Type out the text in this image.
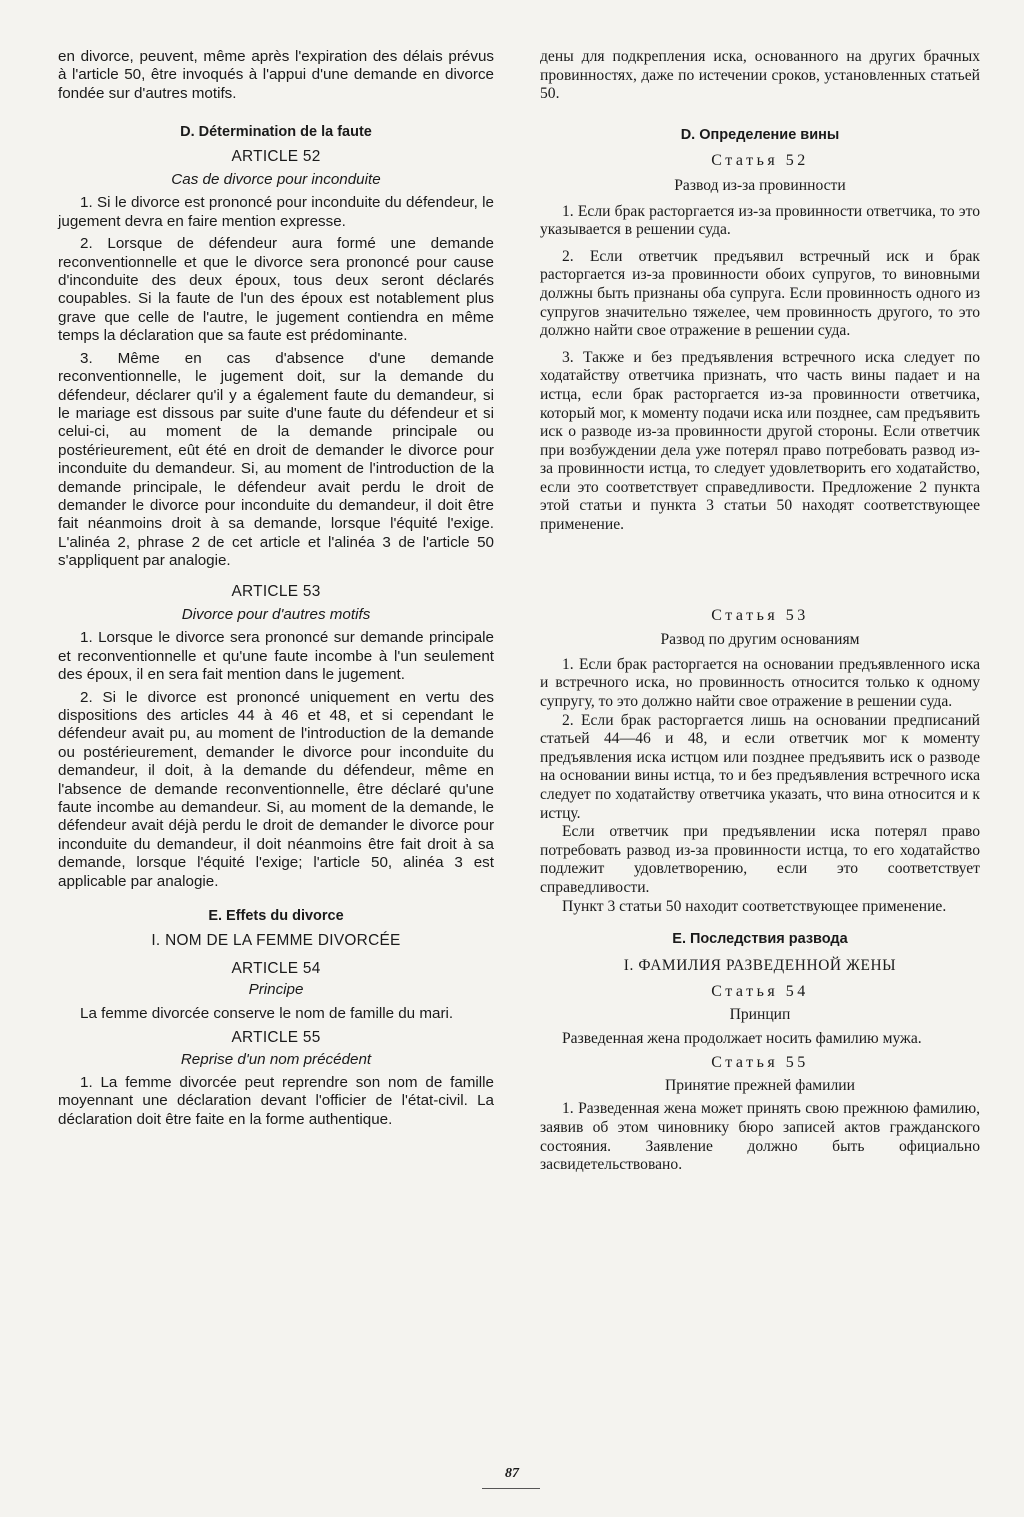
en divorce, peuvent, même après l'expiration des délais prévus à l'article 50, être invoqués à l'appui d'une demande en divorce fondée sur d'autres motifs.

D. Détermination de la faute
ARTICLE 52
Cas de divorce pour inconduite

1. Si le divorce est prononcé pour inconduite du défendeur, le jugement devra en faire mention expresse.

2. Lorsque de défendeur aura formé une demande reconventionnelle et que le divorce sera prononcé pour cause d'inconduite des deux époux, tous deux seront déclarés coupables. Si la faute de l'un des époux est notablement plus grave que celle de l'autre, le jugement contiendra en même temps la déclaration que sa faute est prédominante.

3. Même en cas d'absence d'une demande reconventionnelle, le jugement doit, sur la demande du défendeur, déclarer qu'il y a également faute du demandeur, si le mariage est dissous par suite d'une faute du défendeur et si celui-ci, au moment de la demande principale ou postérieurement, eût été en droit de demander le divorce pour inconduite du demandeur. Si, au moment de l'introduction de la demande principale, le défendeur avait perdu le droit de demander le divorce pour inconduite du demandeur, il doit être fait néanmoins droit à sa demande, lorsque l'équité l'exige. L'alinéa 2, phrase 2 de cet article et l'alinéa 3 de l'article 50 s'appliquent par analogie.

ARTICLE 53
Divorce pour d'autres motifs

1. Lorsque le divorce sera prononcé sur demande principale et reconventionnelle et qu'une faute incombe à l'un seulement des époux, il en sera fait mention dans le jugement.

2. Si le divorce est prononcé uniquement en vertu des dispositions des articles 44 à 46 et 48, et si cependant le défendeur avait pu, au moment de l'introduction de la demande ou postérieurement, demander le divorce pour inconduite du demandeur, il doit, à la demande du défendeur, même en l'absence de demande reconventionnelle, être déclaré qu'une faute incombe au demandeur. Si, au moment de la demande, le défendeur avait déjà perdu le droit de demander le divorce pour inconduite du demandeur, il doit néanmoins être fait droit à sa demande, lorsque l'équité l'exige; l'article 50, alinéa 3 est applicable par analogie.

E. Effets du divorce
I. NOM DE LA FEMME DIVORCÉE
ARTICLE 54
Principe

La femme divorcée conserve le nom de famille du mari.

ARTICLE 55
Reprise d'un nom précédent

1. La femme divorcée peut reprendre son nom de famille moyennant une déclaration devant l'officier de l'état-civil. La déclaration doit être faite en la forme authentique.

дены для подкрепления иска, основанного на других брачных провинностях, даже по истечении сроков, установленных статьей 50.

D. Определение вины
Статья 52
Развод из-за провинности

1. Если брак расторгается из-за провинности ответчика, то это указывается в решении суда.

2. Если ответчик предъявил встречный иск и брак расторгается из-за провинности обоих супругов, то виновными должны быть признаны оба супруга. Если провинность одного из супругов значительно тяжелее, чем провинность другого, то это должно найти свое отражение в решении суда.

3. Также и без предъявления встречного иска следует по ходатайству ответчика признать, что часть вины падает и на истца, если брак расторгается из-за провинности ответчика, который мог, к моменту подачи иска или позднее, сам предъявить иск о разводе из-за провинности другой стороны. Если ответчик при возбуждении дела уже потерял право потребовать развод из-за провинности истца, то следует удовлетворить его ходатайство, если это соответствует справедливости. Предложение 2 пункта этой статьи и пункта 3 статьи 50 находят соответствующее применение.

Статья 53
Развод по другим основаниям

1. Если брак расторгается на основании предъявленного иска и встречного иска, но провинность относится только к одному супругу, то это должно найти свое отражение в решении суда.

2. Если брак расторгается лишь на основании предписаний статьей 44—46 и 48, и если ответчик мог к моменту предъявления иска истцом или позднее предъявить иск о разводе на основании вины истца, то и без предъявления встречного иска следует по ходатайству ответчика указать, что вина относится и к истцу.

Если ответчик при предъявлении иска потерял право потребовать развод из-за провинности истца, то его ходатайство подлежит удовлетворению, если это соответствует справедливости.

Пункт 3 статьи 50 находит соответствующее применение.

E. Последствия развода
I. ФАМИЛИЯ РАЗВЕДЕННОЙ ЖЕНЫ
Статья 54
Принцип

Разведенная жена продолжает носить фамилию мужа.

Статья 55
Принятие прежней фамилии

1. Разведенная жена может принять свою прежнюю фамилию, заявив об этом чиновнику бюро записей актов гражданского состояния. Заявление должно быть официально засвидетельствовано.

87
